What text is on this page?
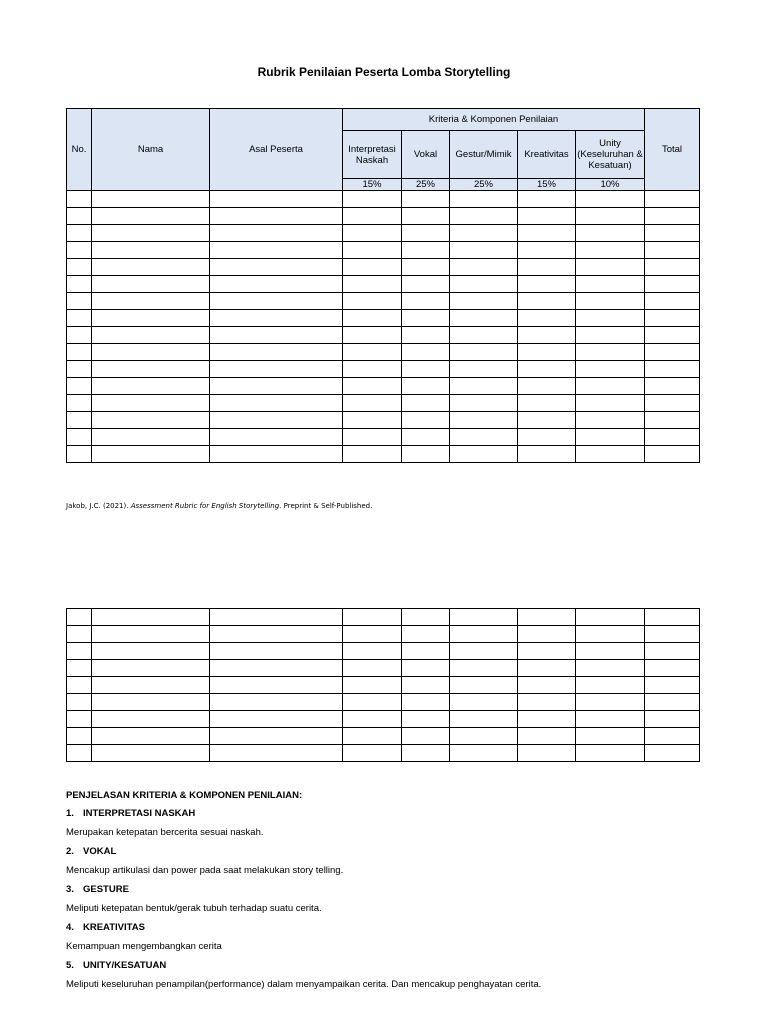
Rubrik Penilaian Peserta Lomba Storytelling
No.	Nama	Asal Peserta	Kriteria & Komponen Penilaian					Total
			Interpretasi Naskah	Vokal	Gestur/Mimik	Kreativitas	Unity (Keseluruhan & Kesatuan)	
			15%	25%	25%	15%	10%	

Jakob, J.C. (2021). Assessment Rubric for English Storytelling. Preprint & Self-Published.

PENJELASAN KRITERIA & KOMPONEN PENILAIAN:
1. INTERPRETASI NASKAH
Merupakan ketepatan bercerita sesuai naskah.
2. VOKAL
Mencakup artikulasi dan power pada saat melakukan story telling.
3. GESTURE
Meliputi ketepatan bentuk/gerak tubuh terhadap suatu cerita.
4. KREATIVITAS
Kemampuan mengembangkan cerita
5. UNITY/KESATUAN
Meliputi keseluruhan penampilan(performance) dalam menyampaikan cerita. Dan mencakup penghayatan cerita.
